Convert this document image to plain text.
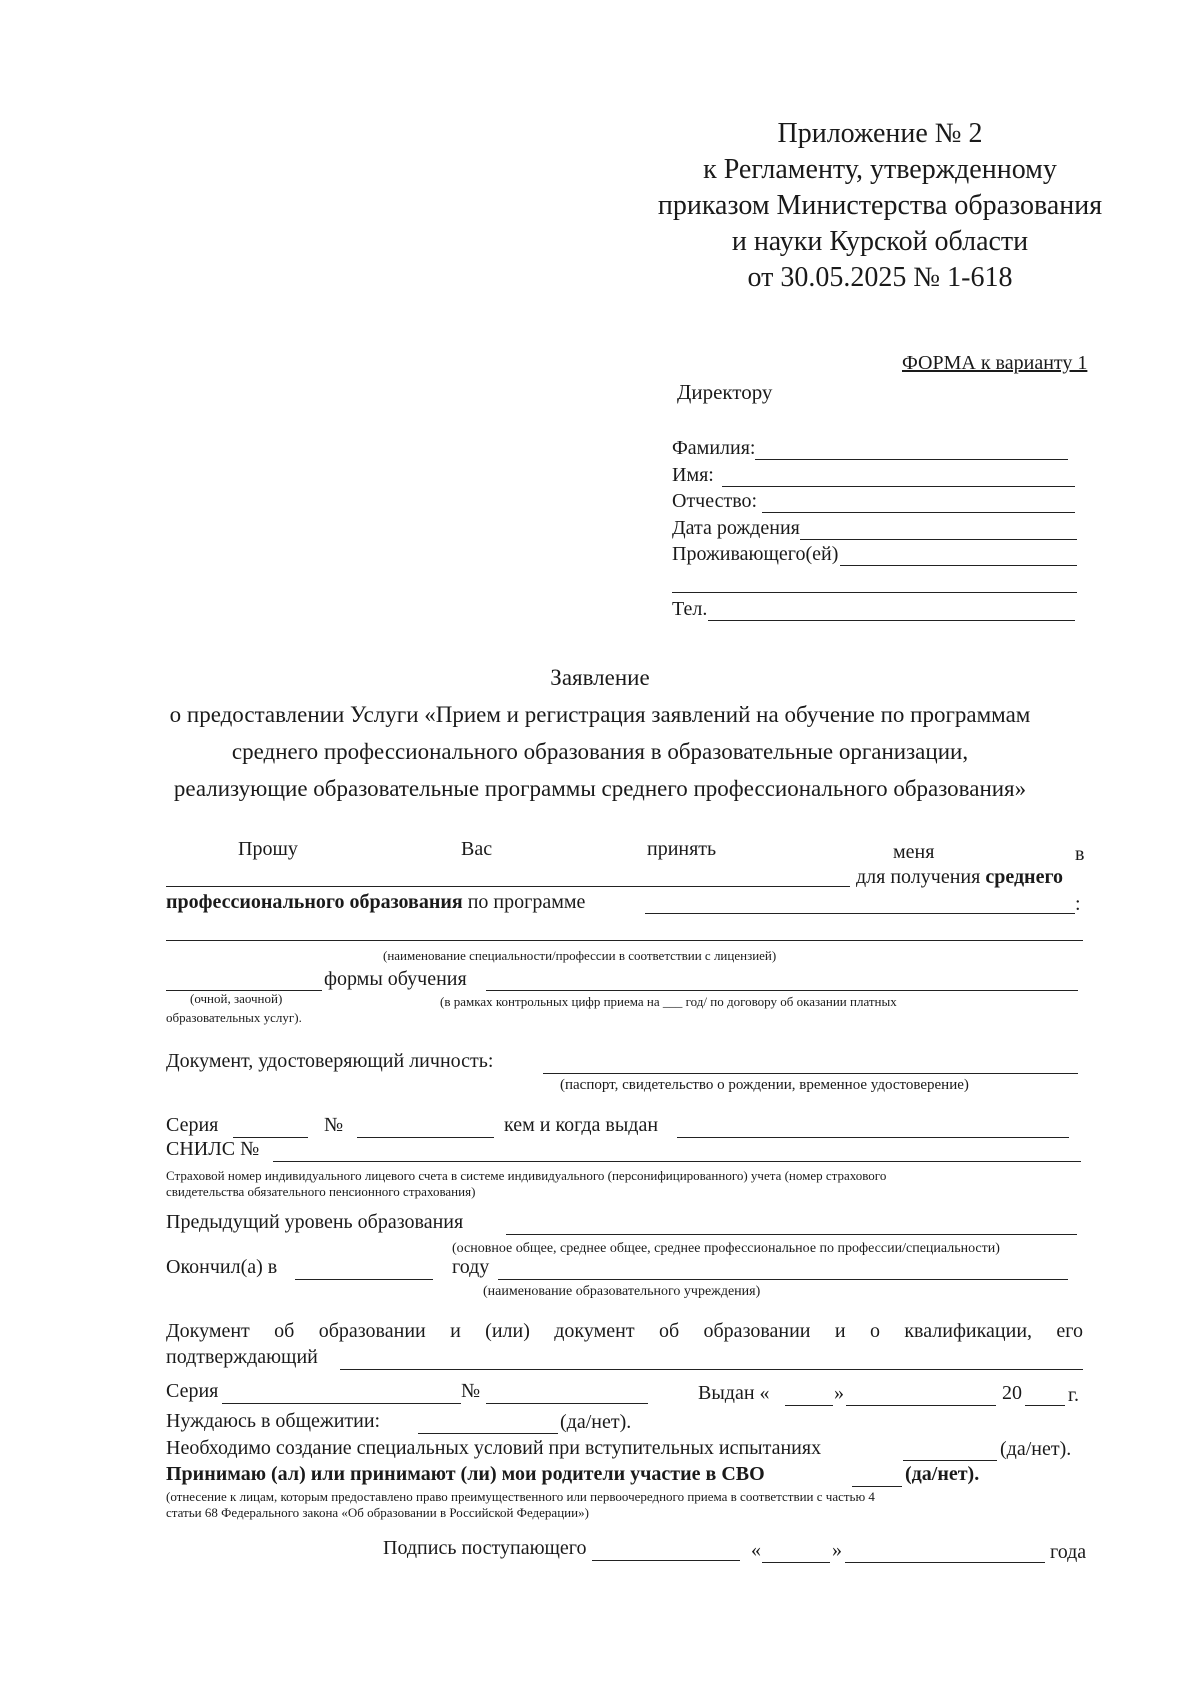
Приложение № 2
к Регламенту, утвержденному
приказом Министерства образования
и науки Курской области
от 30.05.2025 № 1-618
ФОРМА к варианту 1
Директору
Фамилия:
Имя:
Отчество:
Дата рождения
Проживающего(ей)
Тел.
Заявление
о предоставлении Услуги «Прием и регистрация заявлений на обучение по программам
среднего профессионального образования в образовательные организации,
реализующие образовательные программы среднего профессионального образования»
Прошу	Вас	принять	меня	в
для получения среднего
профессионального образования по программе	:
(наименование специальности/профессии в соответствии с лицензией)
формы обучения
(очной, заочной)	(в рамках контрольных цифр приема на ___ год/ по договору об оказании платных
образовательных услуг).
Документ, удостоверяющий личность:
(паспорт, свидетельство о рождении, временное удостоверение)
Серия	№	кем и когда выдан
СНИЛС №
Страховой номер индивидуального лицевого счета в системе индивидуального (персонифицированного) учета (номер страхового
свидетельства обязательного пенсионного страхования)
Предыдущий уровень образования
(основное общее, среднее общее, среднее профессиональное по профессии/специальности)
Окончил(а) в	году
(наименование образовательного учреждения)
Документ об образовании и (или) документ об образовании и о квалификации, его
подтверждающий
Серия	№	Выдан «	»	20 г.
Нуждаюсь в общежитии:	(да/нет).
Необходимо создание специальных условий при вступительных испытаниях	(да/нет).
Принимаю (ал) или принимают (ли) мои родители участие в СВО	(да/нет).
(отнесение к лицам, которым предоставлено право преимущественного или первоочередного приема в соответствии с частью 4
статьи 68 Федерального закона «Об образовании в Российской Федерации»)
Подпись поступающего	«	»	года
